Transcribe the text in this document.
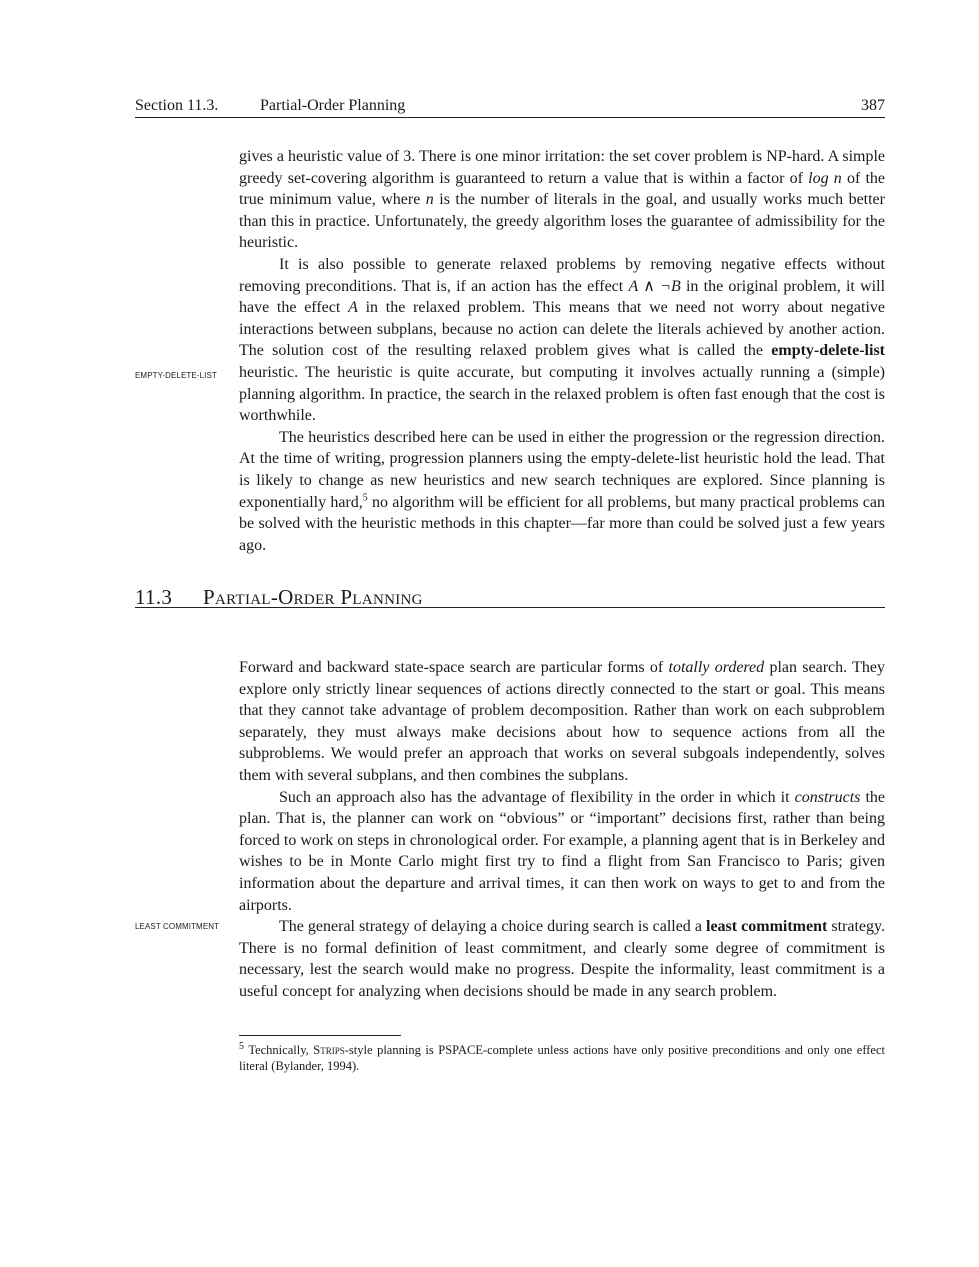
Section 11.3.	Partial-Order Planning	387

gives a heuristic value of 3. There is one minor irritation: the set cover problem is NP-hard. A simple greedy set-covering algorithm is guaranteed to return a value that is within a factor of log n of the true minimum value, where n is the number of literals in the goal, and usually works much better than this in practice. Unfortunately, the greedy algorithm loses the guarantee of admissibility for the heuristic.

It is also possible to generate relaxed problems by removing negative effects without removing preconditions. That is, if an action has the effect A ∧ ¬B in the original problem, it will have the effect A in the relaxed problem. This means that we need not worry about negative interactions between subplans, because no action can delete the literals achieved by another action. The solution cost of the resulting relaxed problem gives what is called the empty-delete-list heuristic. The heuristic is quite accurate, but computing it involves actually running a (simple) planning algorithm. In practice, the search in the relaxed problem is often fast enough that the cost is worthwhile.

The heuristics described here can be used in either the progression or the regression direction. At the time of writing, progression planners using the empty-delete-list heuristic hold the lead. That is likely to change as new heuristics and new search techniques are explored. Since planning is exponentially hard,$^5$ no algorithm will be efficient for all problems, but many practical problems can be solved with the heuristic methods in this chapter—far more than could be solved just a few years ago.

EMPTY-DELETE-LIST
11.3 Partial-Order Planning

Forward and backward state-space search are particular forms of totally ordered plan search. They explore only strictly linear sequences of actions directly connected to the start or goal. This means that they cannot take advantage of problem decomposition. Rather than work on each subproblem separately, they must always make decisions about how to sequence actions from all the subproblems. We would prefer an approach that works on several subgoals independently, solves them with several subplans, and then combines the subplans.

Such an approach also has the advantage of flexibility in the order in which it constructs the plan. That is, the planner can work on “obvious” or “important” decisions first, rather than being forced to work on steps in chronological order. For example, a planning agent that is in Berkeley and wishes to be in Monte Carlo might first try to find a flight from San Francisco to Paris; given information about the departure and arrival times, it can then work on ways to get to and from the airports.

The general strategy of delaying a choice during search is called a least commitment strategy. There is no formal definition of least commitment, and clearly some degree of commitment is necessary, lest the search would make no progress. Despite the informality, least commitment is a useful concept for analyzing when decisions should be made in any search problem.

LEAST COMMITMENT
$^5$ Technically, Strips-style planning is PSPACE-complete unless actions have only positive preconditions and only one effect literal (Bylander, 1994).
